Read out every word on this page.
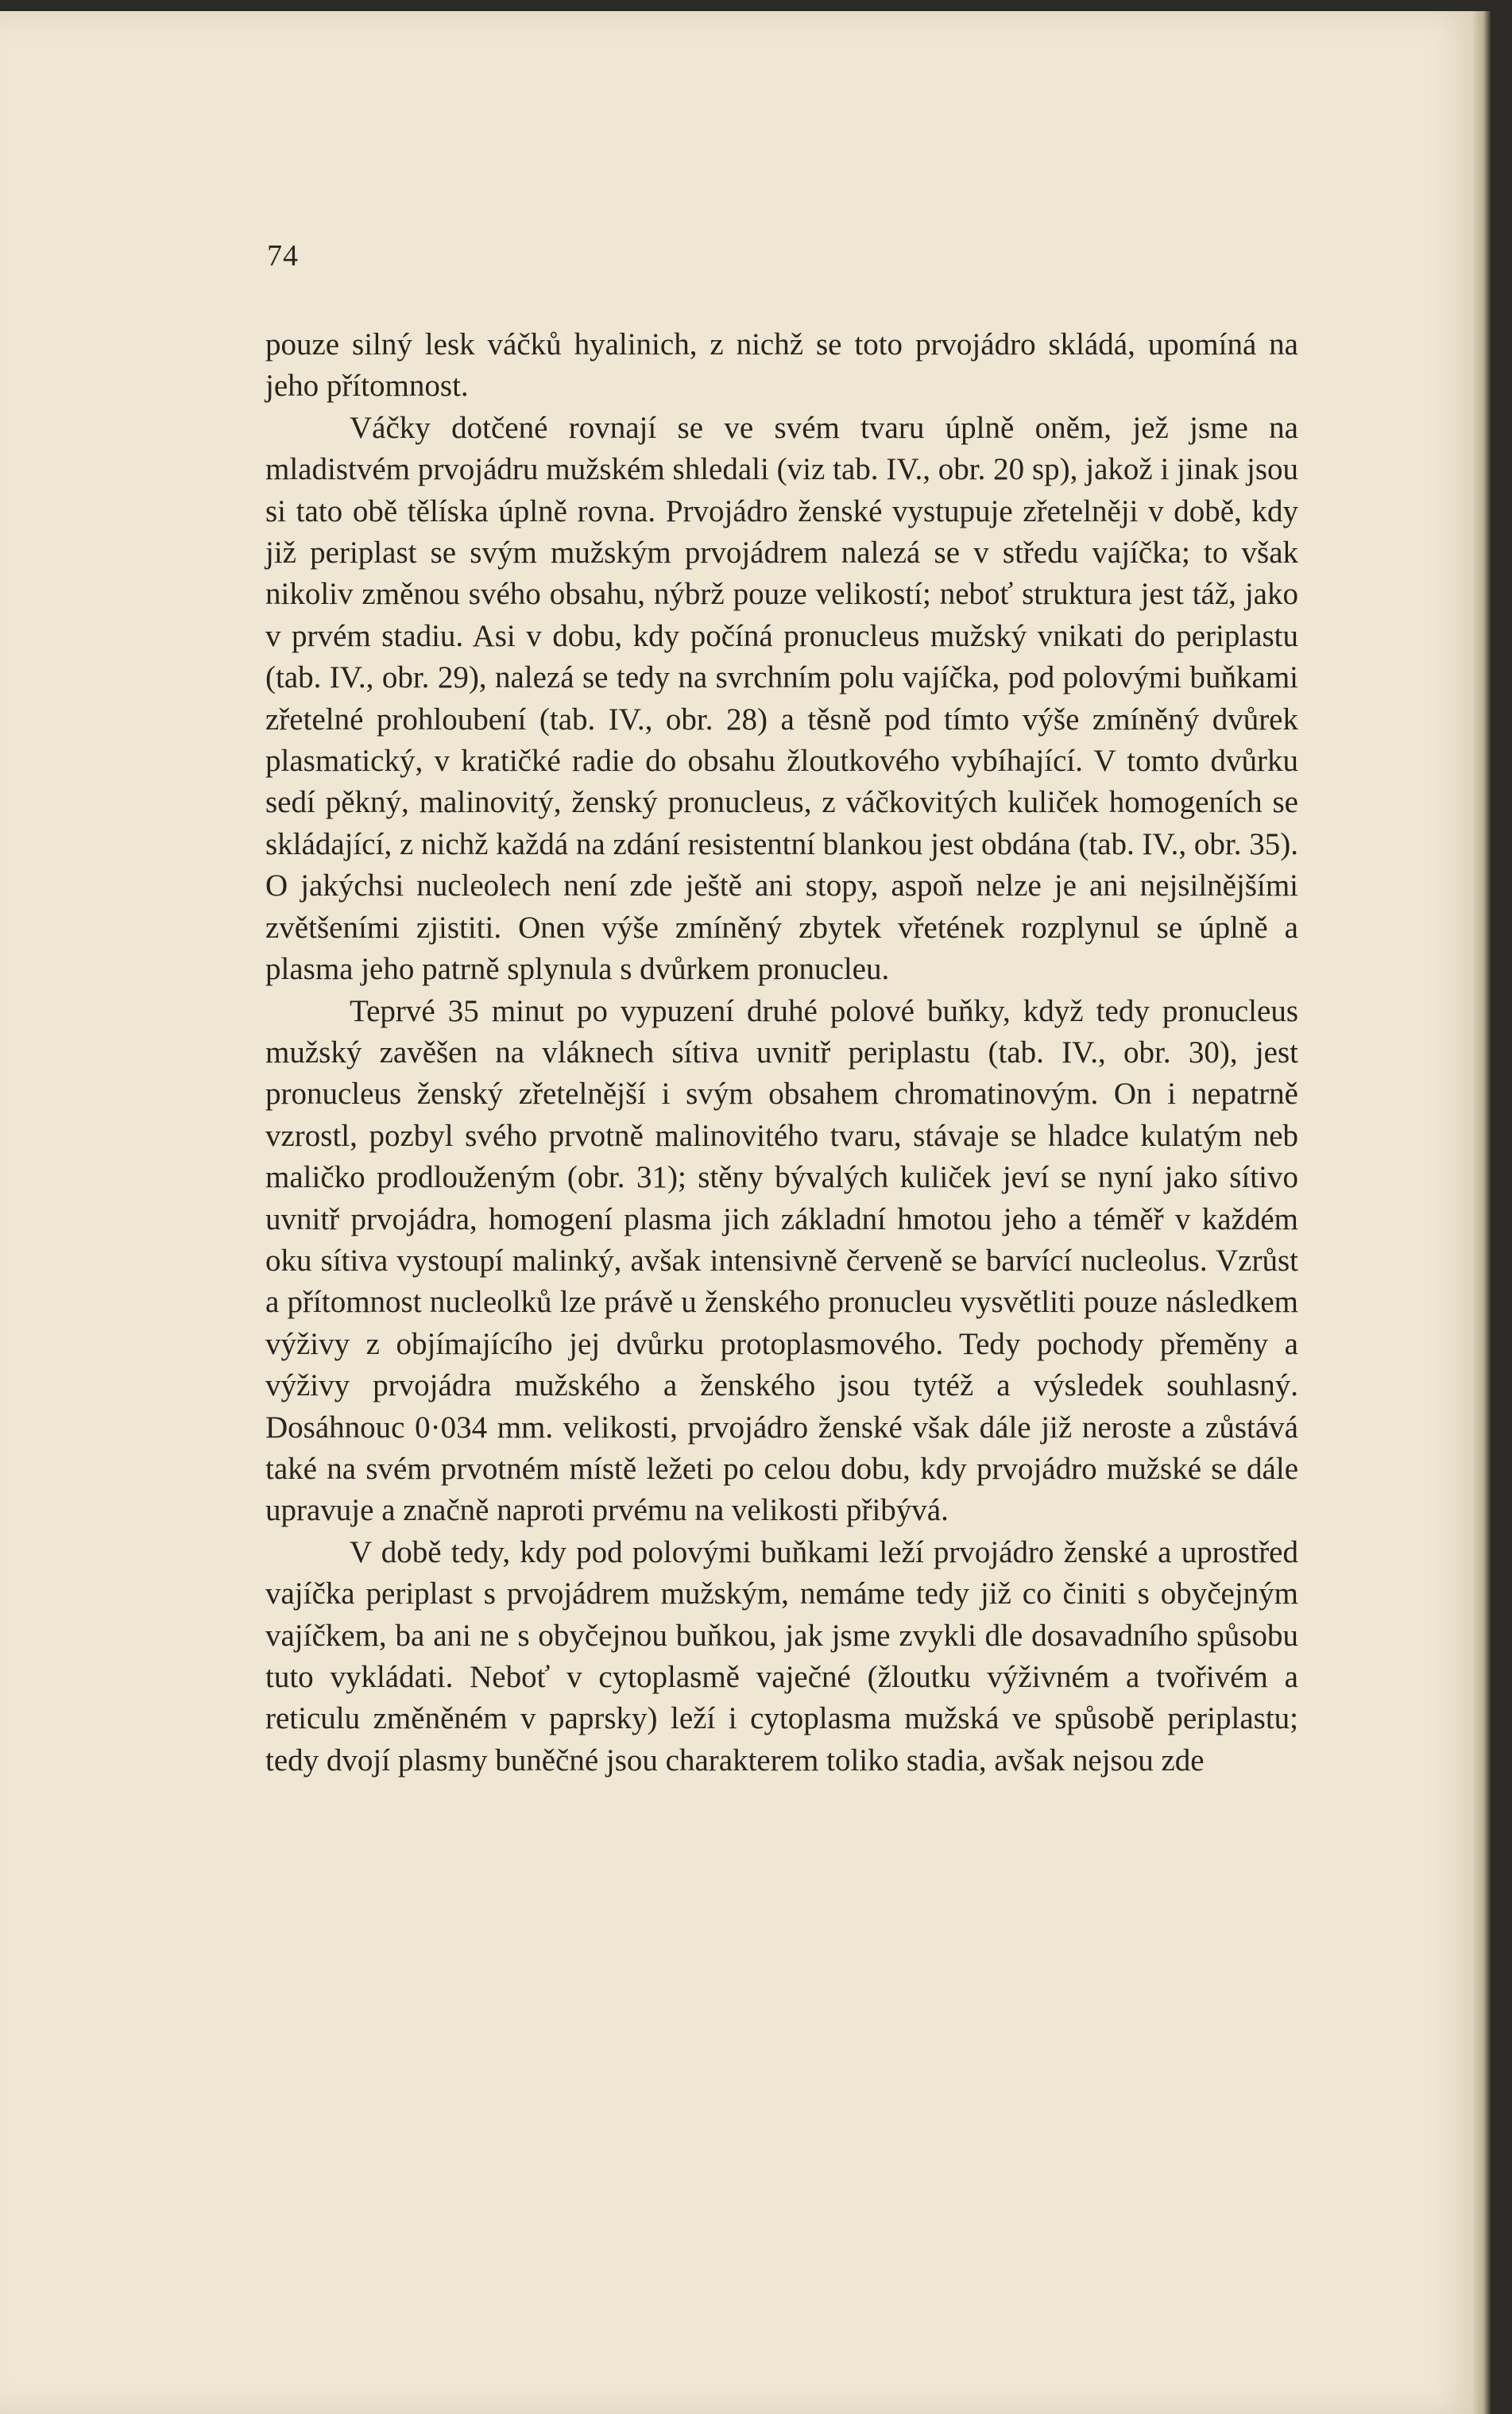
74

pouze silný lesk váčků hyalinich, z nichž se toto prvojádro skládá, upomíná na jeho přítomnost.

Váčky dotčené rovnají se ve svém tvaru úplně oněm, jež jsme na mladistvém prvojádru mužském shledali (viz tab. IV., obr. 20 sp), jakož i jinak jsou si tato obě tělíska úplně rovna. Prvojádro ženské vystupuje zřetelněji v době, kdy již periplast se svým mužským prvojádrem nalezá se v středu vajíčka; to však nikoliv změnou svého obsahu, nýbrž pouze velikostí; neboť struktura jest táž, jako v prvém stadiu. Asi v dobu, kdy počíná pronucleus mužský vnikati do periplastu (tab. IV., obr. 29), nalezá se tedy na svrchním polu vajíčka, pod polovými buňkami zřetelné prohloubení (tab. IV., obr. 28) a těsně pod tímto výše zmíněný dvůrek plasmatický, v kratičké radie do obsahu žloutkového vybíhající. V tomto dvůrku sedí pěkný, malinovitý, ženský pronucleus, z váčkovitých kuliček homogeních se skládající, z nichž každá na zdání resistentní blankou jest obdána (tab. IV., obr. 35). O jakýchsi nucleolech není zde ještě ani stopy, aspoň nelze je ani nejsilnějšími zvětšeními zjistiti. Onen výše zmíněný zbytek vřetének rozplynul se úplně a plasma jeho patrně splynula s dvůrkem pronucleu.

Teprvé 35 minut po vypuzení druhé polové buňky, když tedy pronucleus mužský zavěšen na vláknech sítiva uvnitř periplastu (tab. IV., obr. 30), jest pronucleus ženský zřetelnější i svým obsahem chromatinovým. On i nepatrně vzrostl, pozbyl svého prvotně malinovitého tvaru, stávaje se hladce kulatým neb maličko prodlouženým (obr. 31); stěny bývalých kuliček jeví se nyní jako sítivo uvnitř prvojádra, homogení plasma jich základní hmotou jeho a téměř v každém oku sítiva vystoupí malinký, avšak intensivně červeně se barvící nucleolus. Vzrůst a přítomnost nucleolků lze právě u ženského pronucleu vysvětliti pouze následkem výživy z objímajícího jej dvůrku protoplasmového. Tedy pochody přeměny a výživy prvojádra mužského a ženského jsou tytéž a výsledek souhlasný. Dosáhnouc 0·034 mm. velikosti, prvojádro ženské však dále již neroste a zůstává také na svém prvotném místě ležeti po celou dobu, kdy prvojádro mužské se dále upravuje a značně naproti prvému na velikosti přibývá.

V době tedy, kdy pod polovými buňkami leží prvojádro ženské a uprostřed vajíčka periplast s prvojádrem mužským, nemáme tedy již co činiti s obyčejným vajíčkem, ba ani ne s obyčejnou buňkou, jak jsme zvykli dle dosavadního spůsobu tuto vykládati. Neboť v cytoplasmě vaječné (žloutku výživném a tvořivém a reticulu změněném v paprsky) leží i cytoplasma mužská ve spůsobě periplastu; tedy dvojí plasmy buněčné jsou charakterem toliko stadia, avšak nejsou zde
